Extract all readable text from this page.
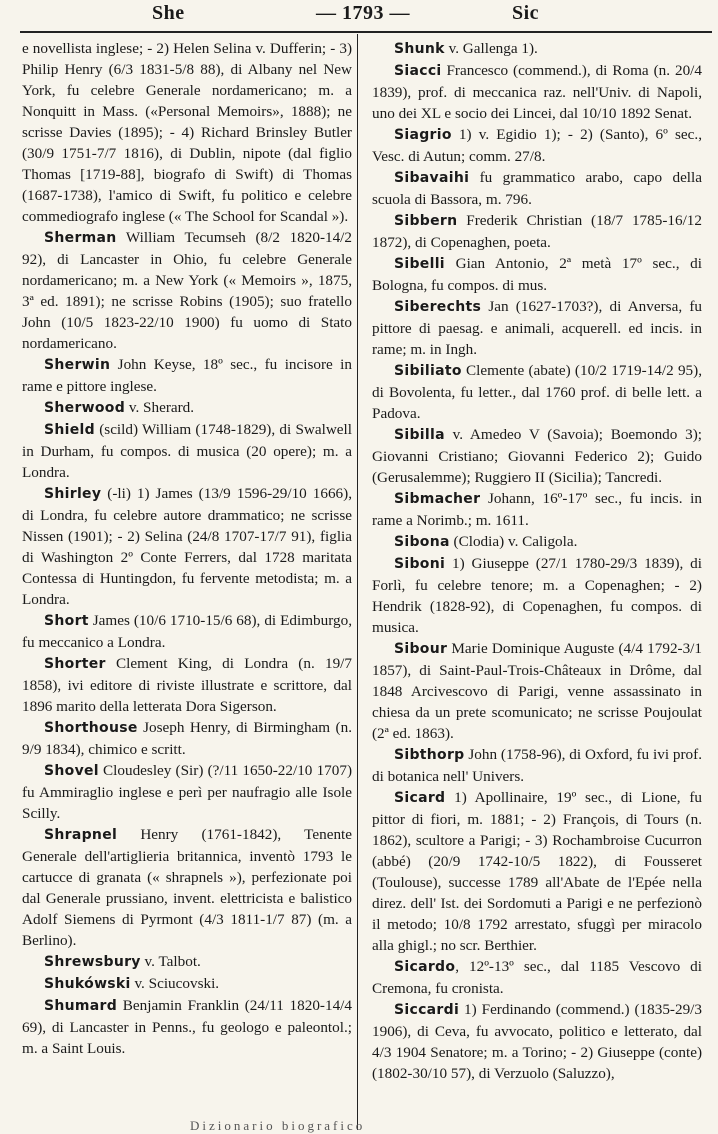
She	— 1793 —	Sic

e novellista inglese; - 2) Helen Selina v. Dufferin; - 3) Philip Henry (6/3 1831-5/8 88), di Albany nel New York, fu celebre Generale nordamericano; m. a Nonquitt in Mass. («Personal Memoirs», 1888); ne scrisse Davies (1895); - 4) Richard Brinsley Butler (30/9 1751-7/7 1816), di Dublin, nipote (dal figlio Thomas [1719-88], biografo di Swift) di Thomas (1687-1738), l'amico di Swift, fu politico e celebre commediografo inglese (« The School for Scandal »).

Sherman William Tecumseh (8/2 1820-14/2 92), di Lancaster in Ohio, fu celebre Generale nordamericano; m. a New York (« Memoirs », 1875, 3ª ed. 1891); ne scrisse Robins (1905); suo fratello John (10/5 1823-22/10 1900) fu uomo di Stato nordamericano.

Sherwin John Keyse, 18º sec., fu incisore in rame e pittore inglese.

Sherwood v. Sherard.

Shield (scild) William (1748-1829), di Swalwell in Durham, fu compos. di musica (20 opere); m. a Londra.

Shirley (-li) 1) James (13/9 1596-29/10 1666), di Londra, fu celebre autore drammatico; ne scrisse Nissen (1901); - 2) Selina (24/8 1707-17/7 91), figlia di Washington 2º Conte Ferrers, dal 1728 maritata Contessa di Huntingdon, fu fervente metodista; m. a Londra.

Short James (10/6 1710-15/6 68), di Edimburgo, fu meccanico a Londra.

Shorter Clement King, di Londra (n. 19/7 1858), ivi editore di riviste illustrate e scrittore, dal 1896 marito della letterata Dora Sigerson.

Shorthouse Joseph Henry, di Birmingham (n. 9/9 1834), chimico e scritt.

Shovel Cloudesley (Sir) (?/11 1650-22/10 1707) fu Ammiraglio inglese e perì per naufragio alle Isole Scilly.

Shrapnel Henry (1761-1842), Tenente Generale dell'artiglieria britannica, inventò 1793 le cartucce di granata (« shrapnels »), perfezionate poi dal Generale prussiano, invent. elettricista e balistico Adolf Siemens di Pyrmont (4/3 1811-1/7 87) (m. a Berlino).

Shrewsbury v. Talbot.

Shukówski v. Sciucovski.

Shumard Benjamin Franklin (24/11 1820-14/4 69), di Lancaster in Penns., fu geologo e paleontol.; m. a Saint Louis.

Shunk v. Gallenga 1).

Siacci Francesco (commend.), di Roma (n. 20/4 1839), prof. di meccanica raz. nell'Univ. di Napoli, uno dei XL e socio dei Lincei, dal 10/10 1892 Senat.

Siagrio 1) v. Egidio 1); - 2) (Santo), 6º sec., Vesc. di Autun; comm. 27/8.

Sibavaihi fu grammatico arabo, capo della scuola di Bassora, m. 796.

Sibbern Frederik Christian (18/7 1785-16/12 1872), di Copenaghen, poeta.

Sibelli Gian Antonio, 2ª metà 17º sec., di Bologna, fu compos. di mus.

Siberechts Jan (1627-1703?), di Anversa, fu pittore di paesag. e animali, acquerell. ed incis. in rame; m. in Ingh.

Sibiliato Clemente (abate) (10/2 1719-14/2 95), di Bovolenta, fu letter., dal 1760 prof. di belle lett. a Padova.

Sibilla v. Amedeo V (Savoia); Boemondo 3); Giovanni Cristiano; Giovanni Federico 2); Guido (Gerusalemme); Ruggiero II (Sicilia); Tancredi.

Sibmacher Johann, 16º-17º sec., fu incis. in rame a Norimb.; m. 1611.

Sibona (Clodia) v. Caligola.

Siboni 1) Giuseppe (27/1 1780-29/3 1839), di Forlì, fu celebre tenore; m. a Copenaghen; - 2) Hendrik (1828-92), di Copenaghen, fu compos. di musica.

Sibour Marie Dominique Auguste (4/4 1792-3/1 1857), di Saint-Paul-Trois-Châteaux in Drôme, dal 1848 Arcivescovo di Parigi, venne assassinato in chiesa da un prete scomunicato; ne scrisse Poujoulat (2ª ed. 1863).

Sibthorp John (1758-96), di Oxford, fu ivi prof. di botanica nell' Univers.

Sicard 1) Apollinaire, 19º sec., di Lione, fu pittor di fiori, m. 1881; - 2) François, di Tours (n. 1862), scultore a Parigi; - 3) Rochambroise Cucurron (abbé) (20/9 1742-10/5 1822), di Fousseret (Toulouse), successe 1789 all'Abate de l'Epée nella direz. dell' Ist. dei Sordomuti a Parigi e ne perfezionò il metodo; 10/8 1792 arrestato, sfuggì per miracolo alla ghigl.; no scr. Berthier.

Sicardo, 12º-13º sec., dal 1185 Vescovo di Cremona, fu cronista.

Siccardi 1) Ferdinando (commend.) (1835-29/3 1906), di Ceva, fu avvocato, politico e letterato, dal 4/3 1904 Senatore; m. a Torino; - 2) Giuseppe (conte) (1802-30/10 57), di Verzuolo (Saluzzo),

Dizionario biografico
